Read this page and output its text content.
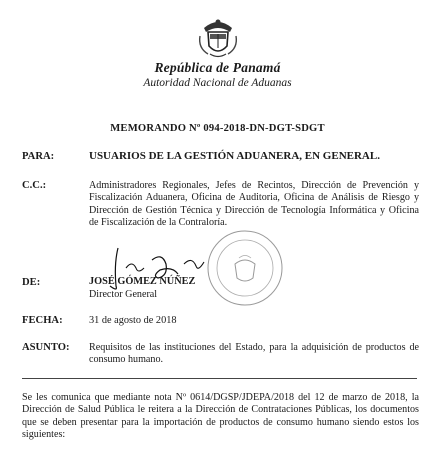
República de Panamá
Autoridad Nacional de Aduanas
MEMORANDO Nº 094-2018-DN-DGT-SDGT
PARA:	USUARIOS DE LA GESTIÓN ADUANERA, EN GENERAL.
C.C.:	Administradores Regionales, Jefes de Recintos, Dirección de Prevención y Fiscalización Aduanera, Oficina de Auditoria, Oficina de Análisis de Riesgo y Dirección de Gestión Técnica y Dirección de Tecnología Informática y Oficina de Fiscalización de la Contraloría.
DE:	JOSÉ GÓMEZ NÚÑEZ
Director General
FECHA:	31 de agosto de 2018
ASUNTO: Requisitos de las instituciones del Estado, para la adquisición de productos de consumo humano.
Se les comunica que mediante nota Nº 0614/DGSP/JDEPA/2018 del 12 de marzo de 2018, la Dirección de Salud Pública le reitera a la Dirección de Contrataciones Públicas, los documentos que se deben presentar para la importación de productos de consumo humano siendo estos los siguientes:
